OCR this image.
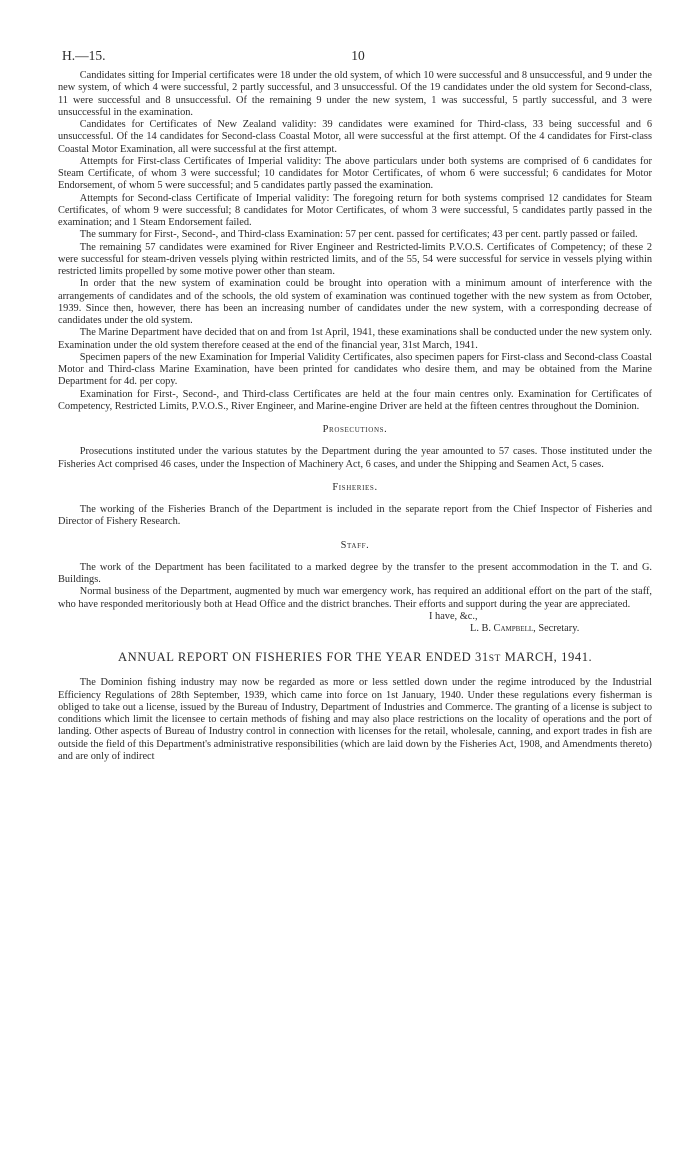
H.—15.	10

Candidates sitting for Imperial certificates were 18 under the old system, of which 10 were successful and 8 unsuccessful, and 9 under the new system, of which 4 were successful, 2 partly successful, and 3 unsuccessful. Of the 19 candidates under the old system for Second-class, 11 were successful and 8 unsuccessful. Of the remaining 9 under the new system, 1 was successful, 5 partly successful, and 3 were unsuccessful in the examination.

Candidates for Certificates of New Zealand validity: 39 candidates were examined for Third-class, 33 being successful and 6 unsuccessful. Of the 14 candidates for Second-class Coastal Motor, all were successful at the first attempt. Of the 4 candidates for First-class Coastal Motor Examination, all were successful at the first attempt.

Attempts for First-class Certificates of Imperial validity: The above particulars under both systems are comprised of 6 candidates for Steam Certificate, of whom 3 were successful; 10 candidates for Motor Certificates, of whom 6 were successful; 6 candidates for Motor Endorsement, of whom 5 were successful; and 5 candidates partly passed the examination.

Attempts for Second-class Certificate of Imperial validity: The foregoing return for both systems comprised 12 candidates for Steam Certificates, of whom 9 were successful; 8 candidates for Motor Certificates, of whom 3 were successful, 5 candidates partly passed in the examination; and 1 Steam Endorsement failed.

The summary for First-, Second-, and Third-class Examination: 57 per cent. passed for certificates; 43 per cent. partly passed or failed.

The remaining 57 candidates were examined for River Engineer and Restricted-limits P.V.O.S. Certificates of Competency; of these 2 were successful for steam-driven vessels plying within restricted limits, and of the 55, 54 were successful for service in vessels plying within restricted limits propelled by some motive power other than steam.

In order that the new system of examination could be brought into operation with a minimum amount of interference with the arrangements of candidates and of the schools, the old system of examination was continued together with the new system as from October, 1939. Since then, however, there has been an increasing number of candidates under the new system, with a corresponding decrease of candidates under the old system.

The Marine Department have decided that on and from 1st April, 1941, these examinations shall be conducted under the new system only. Examination under the old system therefore ceased at the end of the financial year, 31st March, 1941.

Specimen papers of the new Examination for Imperial Validity Certificates, also specimen papers for First-class and Second-class Coastal Motor and Third-class Marine Examination, have been printed for candidates who desire them, and may be obtained from the Marine Department for 4d. per copy.

Examination for First-, Second-, and Third-class Certificates are held at the four main centres only. Examination for Certificates of Competency, Restricted Limits, P.V.O.S., River Engineer, and Marine-engine Driver are held at the fifteen centres throughout the Dominion.

Prosecutions.

Prosecutions instituted under the various statutes by the Department during the year amounted to 57 cases. Those instituted under the Fisheries Act comprised 46 cases, under the Inspection of Machinery Act, 6 cases, and under the Shipping and Seamen Act, 5 cases.

Fisheries.

The working of the Fisheries Branch of the Department is included in the separate report from the Chief Inspector of Fisheries and Director of Fishery Research.

Staff.

The work of the Department has been facilitated to a marked degree by the transfer to the present accommodation in the T. and G. Buildings.

Normal business of the Department, augmented by much war emergency work, has required an additional effort on the part of the staff, who have responded meritoriously both at Head Office and the district branches. Their efforts and support during the year are appreciated.

I have, &c.,
L. B. Campbell, Secretary.
ANNUAL REPORT ON FISHERIES FOR THE YEAR ENDED 31ST MARCH, 1941.

The Dominion fishing industry may now be regarded as more or less settled down under the regime introduced by the Industrial Efficiency Regulations of 28th September, 1939, which came into force on 1st January, 1940. Under these regulations every fisherman is obliged to take out a license, issued by the Bureau of Industry, Department of Industries and Commerce. The granting of a license is subject to conditions which limit the licensee to certain methods of fishing and may also place restrictions on the locality of operations and the port of landing. Other aspects of Bureau of Industry control in connection with licenses for the retail, wholesale, canning, and export trades in fish are outside the field of this Department's administrative responsibilities (which are laid down by the Fisheries Act, 1908, and Amendments thereto) and are only of indirect
